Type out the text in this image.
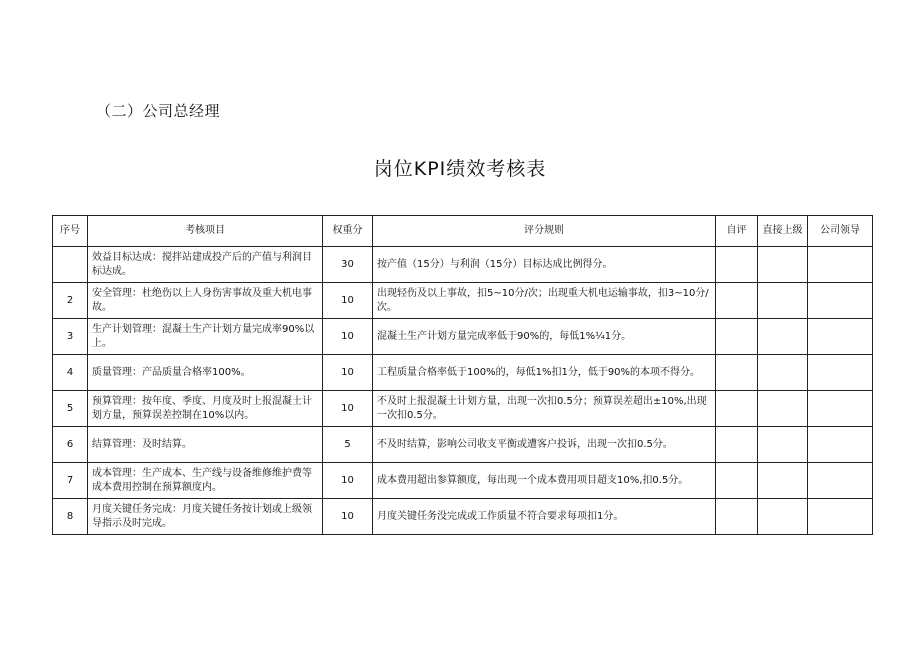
（二）公司总经理
岗位KPI绩效考核表
序号	考核项目	权重分	评分规则	自评	直接上级	公司领导
	效益目标达成：搅拌站建成投产后的产值与利润目标达成。	30	按产值（15分）与利润（15分）目标达成比例得分。			
2	安全管理：杜绝伤以上人身伤害事故及重大机电事故。	10	出现轻伤及以上事故，扣5~10分/次；出现重大机电运输事故，扣3~10分/次。			
3	生产计划管理：混凝土生产计划方量完成率90%以上。	10	混凝土生产计划方量完成率低于90%的，每低1%¼1分。			
4	质量管理：产品质量合格率100%。	10	工程质量合格率低于100%的，每低1%扣1分，低于90%的本项不得分。			
5	预算管理：按年度、季度、月度及时上报混凝土计划方量，预算误差控制在10%以内。	10	不及时上报混凝土计划方量，出现一次扣0.5分；预算误差超出±10%,出现一次扣0.5分。			
6	结算管理：及时结算。	5	不及时结算，影响公司收支平衡或遭客户投诉，出现一次扣0.5分。			
7	成本管理：生产成本、生产线与设备维修维护费等成本费用控制在预算额度内。	10	成本费用超出参算额度，每出现一个成本费用项目超支10%,扣0.5分。			
8	月度关键任务完成：月度关键任务按计划或上级领导指示及时完成。	10	月度关键任务没完成或工作质量不符合要求每项扣1分。			
